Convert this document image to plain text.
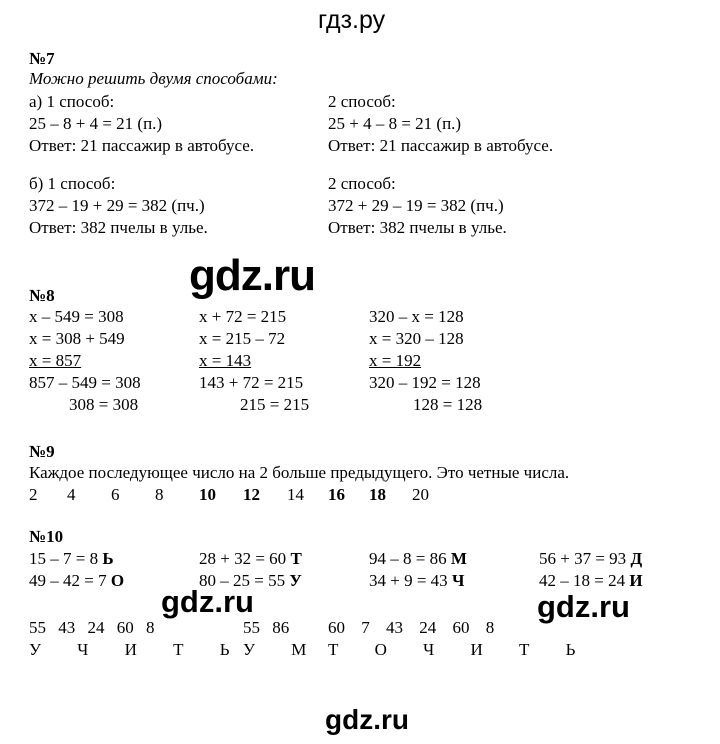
гдз.ру
№7
Можно решить двумя способами:
а) 1 способ:
25 – 8 + 4 = 21 (п.)
Ответ: 21 пассажир в автобусе.
2 способ:
25 + 4 – 8 = 21 (п.)
Ответ: 21 пассажир в автобусе.
б) 1 способ:
372 – 19 + 29 = 382 (пч.)
Ответ: 382 пчелы в улье.
2 способ:
372 + 29 – 19 = 382 (пч.)
Ответ: 382 пчелы в улье.
gdz.ru
№8
x – 549 = 308
x = 308 + 549
x = 857
857 – 549 = 308
308 = 308
x + 72 = 215
x = 215 – 72
x = 143
143 + 72 = 215
215 = 215
320 – x = 128
x = 320 – 128
x = 192
320 – 192 = 128
128 = 128
№9
Каждое последующее число на 2 больше предыдущего. Это четные числа.
2 4 6 8 10 12 14 16 18 20
№10
15 – 7 = 8 Ь	28 + 32 = 60 Т	94 – 8 = 86 М	56 + 37 = 93 Д
49 – 42 = 7 О	80 – 25 = 55 У	34 + 9 = 43 Ч	42 – 18 = 24 И
gdz.ru	gdz.ru
55 43 24 60 8
У Ч И Т Ь
55 86
У М
60 7 43 24 60 8
Т О Ч И Т Ь
gdz.ru
